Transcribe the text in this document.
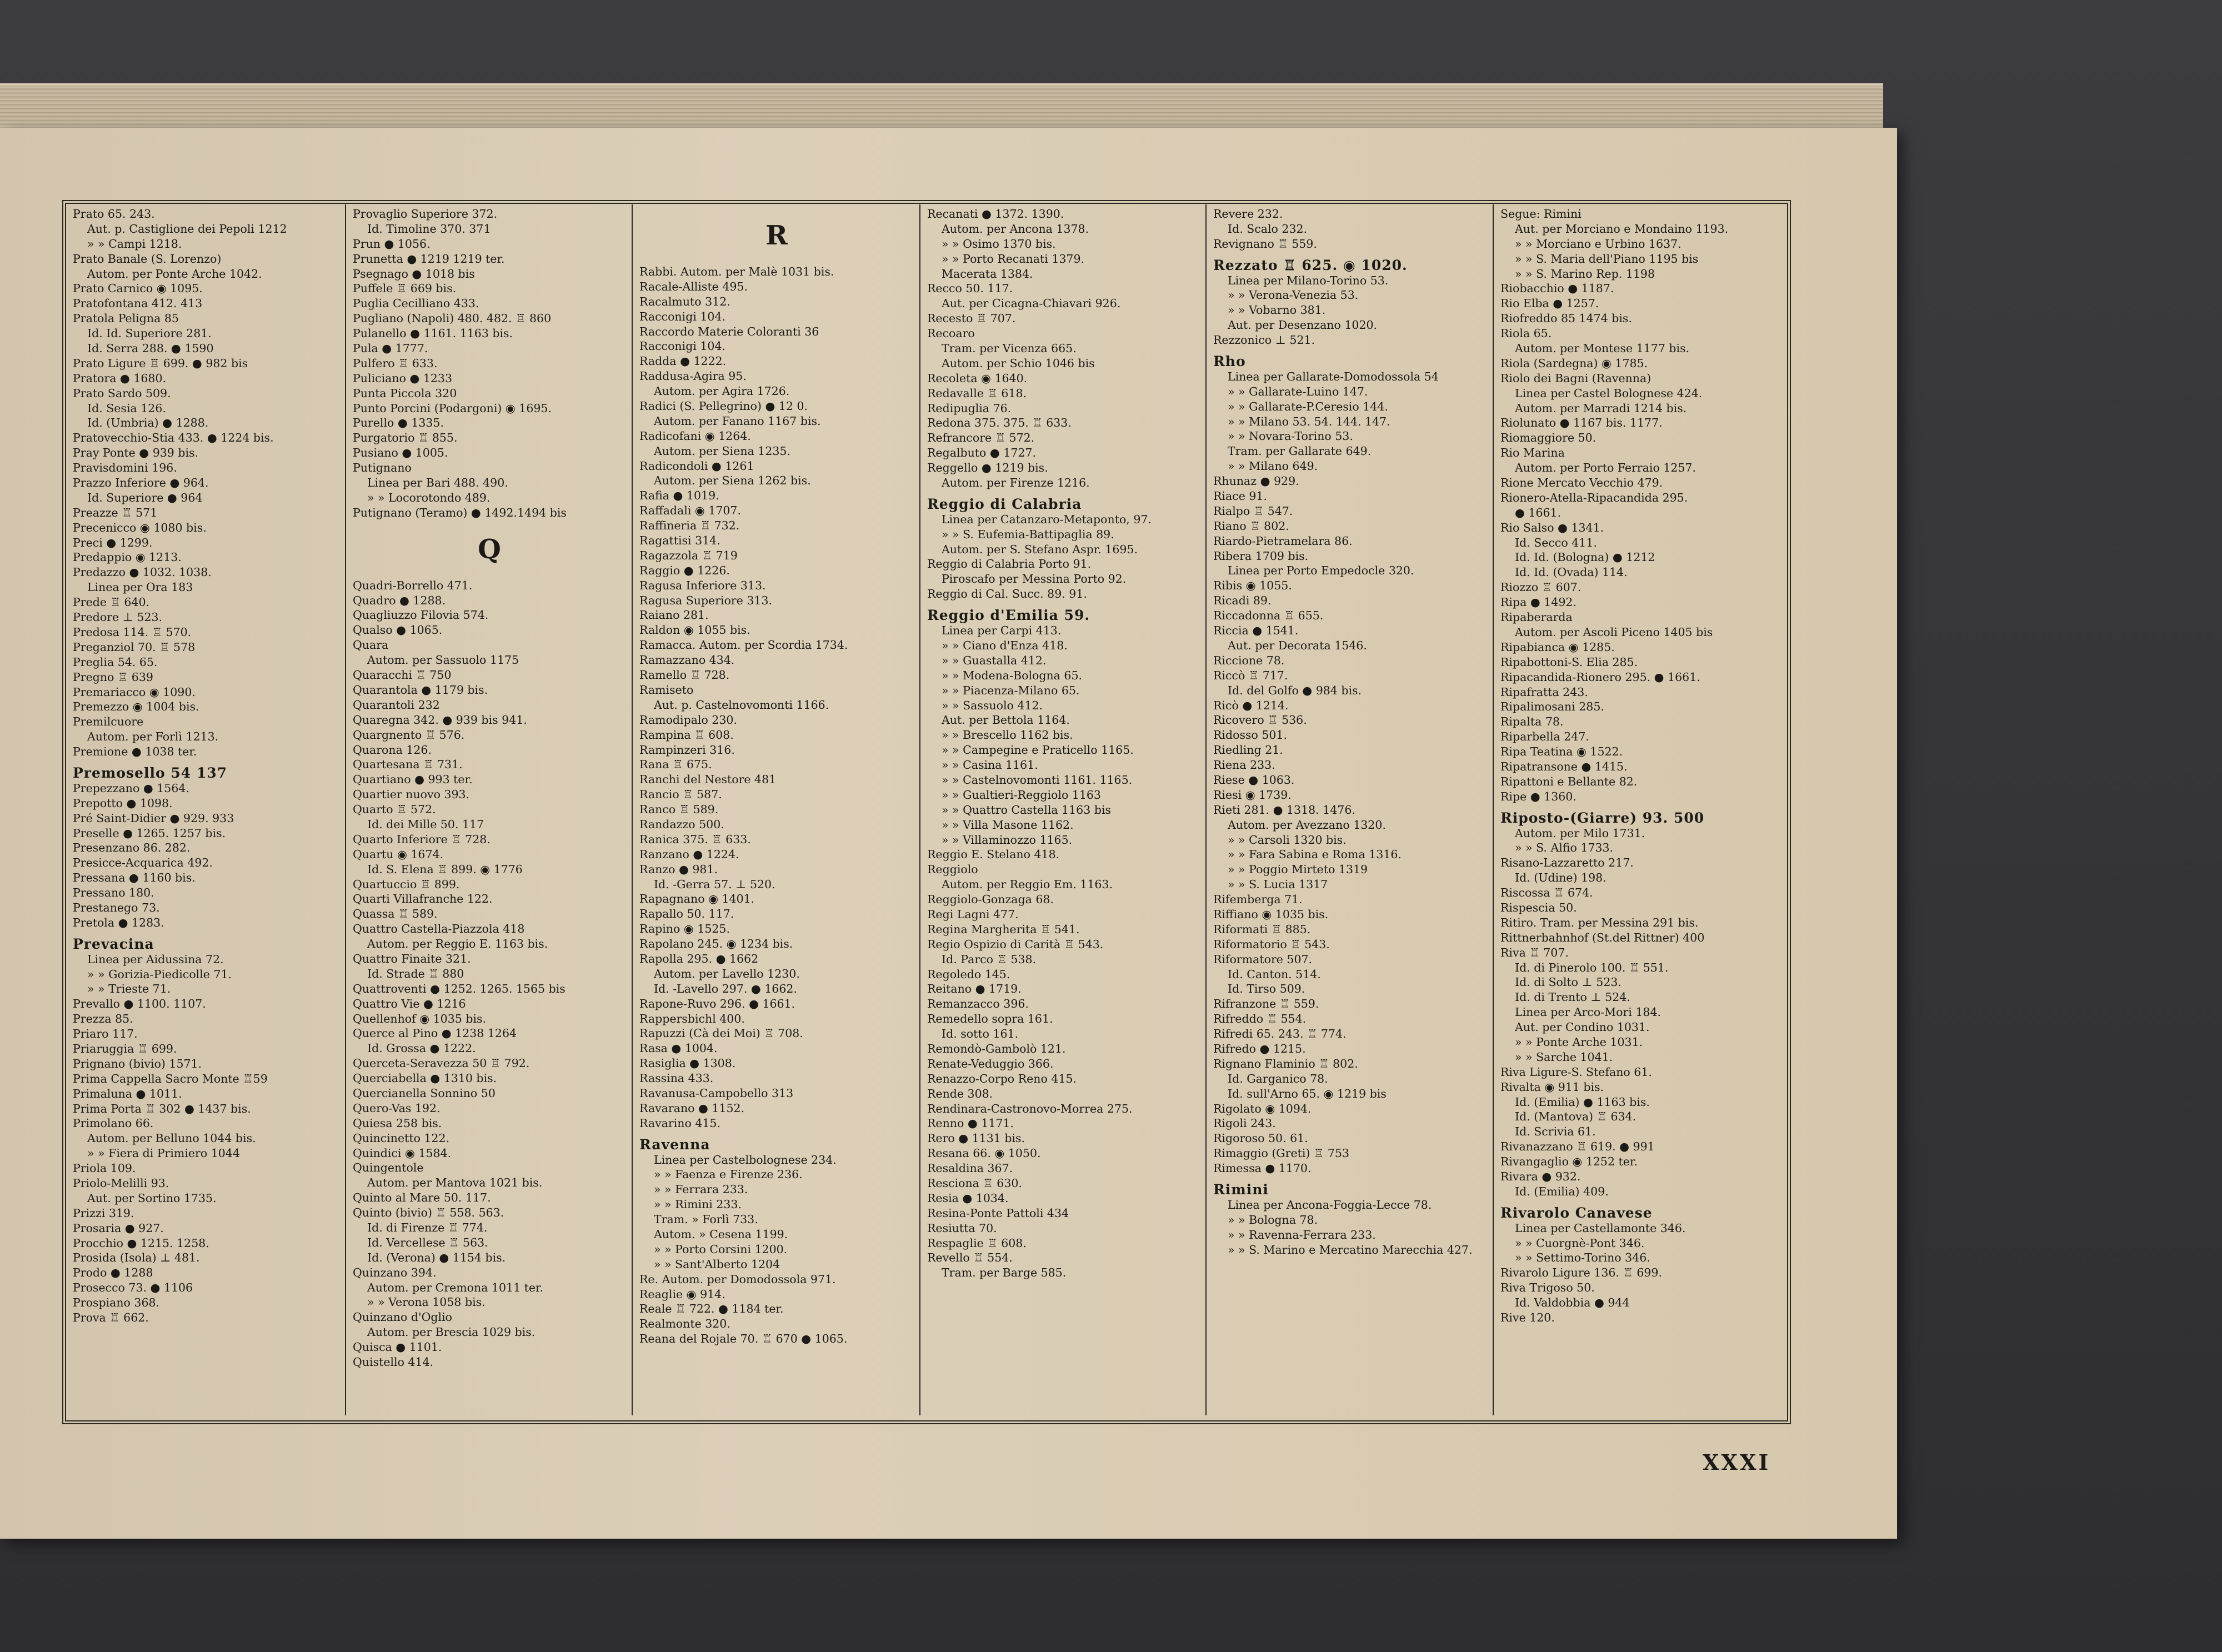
Prato 65. 243.
Aut. p. Castiglione dei Pepoli 1212
» » Campi 1218.
Prato Banale (S. Lorenzo)
Autom. per Ponte Arche 1042.
Prato Carnico ◉ 1095.
Pratofontana 412. 413
Pratola Peligna 85
Id. Id. Superiore 281.
Id. Serra 288. ● 1590
Prato Ligure ♖ 699. ● 982 bis
Pratora ● 1680.
Prato Sardo 509.
Id. Sesia 126.
Id. (Umbria) ● 1288.
Pratovecchio-Stia 433. ● 1224 bis.
Pray Ponte ● 939 bis.
Pravisdomini 196.
Prazzo Inferiore ● 964.
Id. Superiore ● 964
Preazze ♖ 571
Precenicco ◉ 1080 bis.
Preci ● 1299.
Predappio ◉ 1213.
Predazzo ● 1032. 1038.
Linea per Ora 183
Prede ♖ 640.
Predore ⊥ 523.
Predosa 114. ♖ 570.
Preganziol 70. ♖ 578
Preglia 54. 65.
Pregno ♖ 639
Premariacco ◉ 1090.
Premezzo ◉ 1004 bis.
Premilcuore
Autom. per Forlì 1213.
Premione ● 1038 ter.
Premosello 54 137
Prepezzano ● 1564.
Prepotto ● 1098.
Pré Saint-Didier ● 929. 933
Preselle ● 1265. 1257 bis.
Presenzano 86. 282.
Presicce-Acquarica 492.
Pressana ● 1160 bis.
Pressano 180.
Prestanego 73.
Pretola ● 1283.
Prevacina
Linea per Aidussina 72.
» » Gorizia-Piedicolle 71.
» » Trieste 71.
Prevallo ● 1100. 1107.
Prezza 85.
Priaro 117.
Priaruggia ♖ 699.
Prignano (bivio) 1571.
Prima Cappella Sacro Monte ♖59
Primaluna ● 1011.
Prima Porta ♖ 302 ● 1437 bis.
Primolano 66.
Autom. per Belluno 1044 bis.
» » Fiera di Primiero 1044
Priola 109.
Priolo-Melilli 93.
Aut. per Sortino 1735.
Prizzi 319.
Prosaria ● 927.
Procchio ● 1215. 1258.
Prosida (Isola) ⊥ 481.
Prodo ● 1288
Prosecco 73. ● 1106
Prospiano 368.
Prova ♖ 662.
Provaglio Superiore 372.
Id. Timoline 370. 371
Prun ● 1056.
Prunetta ● 1219 1219 ter.
Psegnago ● 1018 bis
Puffele ♖ 669 bis.
Puglia Cecilliano 433.
Pugliano (Napoli) 480. 482. ♖ 860
Pulanello ● 1161. 1163 bis.
Pula ● 1777.
Pulfero ♖ 633.
Puliciano ● 1233
Punta Piccola 320
Punto Porcini (Podargoni) ◉ 1695.
Purello ● 1335.
Purgatorio ♖ 855.
Pusiano ● 1005.
Putignano
Linea per Bari 488. 490.
» » Locorotondo 489.
Putignano (Teramo) ● 1492.1494 bis
Q
Quadri-Borrello 471.
Quadro ● 1288.
Quagliuzzo Filovia 574.
Qualso ● 1065.
Quara
Autom. per Sassuolo 1175
Quaracchi ♖ 750
Quarantola ● 1179 bis.
Quarantoli 232
Quaregna 342. ● 939 bis 941.
Quargnento ♖ 576.
Quarona 126.
Quartesana ♖ 731.
Quartiano ● 993 ter.
Quartier nuovo 393.
Quarto ♖ 572.
Id. dei Mille 50. 117
Quarto Inferiore ♖ 728.
Quartu ◉ 1674.
Id. S. Elena ♖ 899. ◉ 1776
Quartuccio ♖ 899.
Quarti Villafranche 122.
Quassa ♖ 589.
Quattro Castella-Piazzola 418
Autom. per Reggio E. 1163 bis.
Quattro Finaite 321.
Id. Strade ♖ 880
Quattroventi ● 1252. 1265. 1565 bis
Quattro Vie ● 1216
Quellenhof ◉ 1035 bis.
Querce al Pino ● 1238 1264
Id. Grossa ● 1222.
Querceta-Seravezza 50 ♖ 792.
Querciabella ● 1310 bis.
Quercianella Sonnino 50
Quero-Vas 192.
Quiesa 258 bis.
Quincinetto 122.
Quindici ◉ 1584.
Quingentole
Autom. per Mantova 1021 bis.
Quinto al Mare 50. 117.
Quinto (bivio) ♖ 558. 563.
Id. di Firenze ♖ 774.
Id. Vercellese ♖ 563.
Id. (Verona) ● 1154 bis.
Quinzano 394.
Autom. per Cremona 1011 ter.
» » Verona 1058 bis.
Quinzano d'Oglio
Autom. per Brescia 1029 bis.
Quisca ● 1101.
Quistello 414.
R
Rabbi. Autom. per Malè 1031 bis.
Racale-Alliste 495.
Racalmuto 312.
Racconigi 104.
Raccordo Materie Coloranti 36
Racconigi 104.
Radda ● 1222.
Raddusa-Agira 95.
Autom. per Agira 1726.
Radici (S. Pellegrino) ● 12 0.
Autom. per Fanano 1167 bis.
Radicofani ◉ 1264.
Autom. per Siena 1235.
Radicondoli ● 1261
Autom. per Siena 1262 bis.
Rafia ● 1019.
Raffadali ◉ 1707.
Raffineria ♖ 732.
Ragattisi 314.
Ragazzola ♖ 719
Raggio ● 1226.
Ragusa Inferiore 313.
Ragusa Superiore 313.
Raiano 281.
Raldon ◉ 1055 bis.
Ramacca. Autom. per Scordia 1734.
Ramazzano 434.
Ramello ♖ 728.
Ramiseto
Aut. p. Castelnovomonti 1166.
Ramodipalo 230.
Rampina ♖ 608.
Rampinzeri 316.
Rana ♖ 675.
Ranchi del Nestore 481
Rancio ♖ 587.
Ranco ♖ 589.
Randazzo 500.
Ranica 375. ♖ 633.
Ranzano ● 1224.
Ranzo ● 981.
Id. -Gerra 57. ⊥ 520.
Rapagnano ◉ 1401.
Rapallo 50. 117.
Rapino ◉ 1525.
Rapolano 245. ◉ 1234 bis.
Rapolla 295. ● 1662
Autom. per Lavello 1230.
Id. -Lavello 297. ● 1662.
Rapone-Ruvo 296. ● 1661.
Rappersbichl 400.
Rapuzzi (Cà dei Moi) ♖ 708.
Rasa ● 1004.
Rasiglia ● 1308.
Rassina 433.
Ravanusa-Campobello 313
Ravarano ● 1152.
Ravarino 415.
Ravenna
Linea per Castelbolognese 234.
» » Faenza e Firenze 236.
» » Ferrara 233.
» » Rimini 233.
Tram. » Forlì 733.
Autom. » Cesena 1199.
» » Porto Corsini 1200.
» » Sant'Alberto 1204
Re. Autom. per Domodossola 971.
Reaglie ◉ 914.
Reale ♖ 722. ● 1184 ter.
Realmonte 320.
Reana del Rojale 70. ♖ 670 ● 1065.
Recanati ● 1372. 1390.
Autom. per Ancona 1378.
» » Osimo 1370 bis.
» » Porto Recanati 1379.
Macerata 1384.
Recco 50. 117.
Aut. per Cicagna-Chiavari 926.
Recesto ♖ 707.
Recoaro
Tram. per Vicenza 665.
Autom. per Schio 1046 bis
Recoleta ◉ 1640.
Redavalle ♖ 618.
Redipuglia 76.
Redona 375. 375. ♖ 633.
Refrancore ♖ 572.
Regalbuto ● 1727.
Reggello ● 1219 bis.
Autom. per Firenze 1216.
Reggio di Calabria
Linea per Catanzaro-Metaponto, 97.
» » S. Eufemia-Battipaglia 89.
Autom. per S. Stefano Aspr. 1695.
Reggio di Calabria Porto 91.
Piroscafo per Messina Porto 92.
Reggio di Cal. Succ. 89. 91.
Reggio d'Emilia 59.
Linea per Carpi 413.
» » Ciano d'Enza 418.
» » Guastalla 412.
» » Modena-Bologna 65.
» » Piacenza-Milano 65.
» » Sassuolo 412.
Aut. per Bettola 1164.
» » Brescello 1162 bis.
» » Campegine e Praticello 1165.
» » Casina 1161.
» » Castelnovomonti 1161. 1165.
» » Gualtieri-Reggiolo 1163
» » Quattro Castella 1163 bis
» » Villa Masone 1162.
» » Villaminozzo 1165.
Reggio E. Stelano 418.
Reggiolo
Autom. per Reggio Em. 1163.
Reggiolo-Gonzaga 68.
Regi Lagni 477.
Regina Margherita ♖ 541.
Regio Ospizio di Carità ♖ 543.
Id. Parco ♖ 538.
Regoledo 145.
Reitano ● 1719.
Remanzacco 396.
Remedello sopra 161.
Id. sotto 161.
Remondò-Gambolò 121.
Renate-Veduggio 366.
Renazzo-Corpo Reno 415.
Rende 308.
Rendinara-Castronovo-Morrea 275.
Renno ● 1171.
Rero ● 1131 bis.
Resana 66. ◉ 1050.
Resaldina 367.
Resciona ♖ 630.
Resia ● 1034.
Resina-Ponte Pattoli 434
Resiutta 70.
Respaglie ♖ 608.
Revello ♖ 554.
Tram. per Barge 585.
Revere 232.
Id. Scalo 232.
Revignano ♖ 559.
Rezzato ♖ 625. ◉ 1020.
Linea per Milano-Torino 53.
» » Verona-Venezia 53.
» » Vobarno 381.
Aut. per Desenzano 1020.
Rezzonico ⊥ 521.
Rho
Linea per Gallarate-Domodossola 54
» » Gallarate-Luino 147.
» » Gallarate-P.Ceresio 144.
» » Milano 53. 54. 144. 147.
» » Novara-Torino 53.
Tram. per Gallarate 649.
» » Milano 649.
Rhunaz ● 929.
Riace 91.
Rialpo ♖ 547.
Riano ♖ 802.
Riardo-Pietramelara 86.
Ribera 1709 bis.
Linea per Porto Empedocle 320.
Ribis ◉ 1055.
Ricadi 89.
Riccadonna ♖ 655.
Riccia ● 1541.
Aut. per Decorata 1546.
Riccione 78.
Riccò ♖ 717.
Id. del Golfo ● 984 bis.
Ricò ● 1214.
Ricovero ♖ 536.
Ridosso 501.
Riedling 21.
Riena 233.
Riese ● 1063.
Riesi ◉ 1739.
Rieti 281. ● 1318. 1476.
Autom. per Avezzano 1320.
» » Carsoli 1320 bis.
» » Fara Sabina e Roma 1316.
» » Poggio Mirteto 1319
» » S. Lucia 1317
Rifemberga 71.
Riffiano ◉ 1035 bis.
Riformati ♖ 885.
Riformatorio ♖ 543.
Riformatore 507.
Id. Canton. 514.
Id. Tirso 509.
Rifranzone ♖ 559.
Rifreddo ♖ 554.
Rifredi 65. 243. ♖ 774.
Rifredo ● 1215.
Rignano Flaminio ♖ 802.
Id. Garganico 78.
Id. sull'Arno 65. ◉ 1219 bis
Rigolato ◉ 1094.
Rigoli 243.
Rigoroso 50. 61.
Rimaggio (Greti) ♖ 753
Rimessa ● 1170.
Rimini
Linea per Ancona-Foggia-Lecce 78.
» » Bologna 78.
» » Ravenna-Ferrara 233.
» » S. Marino e Mercatino Marecchia 427.
Segue: Rimini
Aut. per Morciano e Mondaino 1193.
» » Morciano e Urbino 1637.
» » S. Maria dell'Piano 1195 bis
» » S. Marino Rep. 1198
Riobacchio ● 1187.
Rio Elba ● 1257.
Riofreddo 85 1474 bis.
Riola 65.
Autom. per Montese 1177 bis.
Riola (Sardegna) ◉ 1785.
Riolo dei Bagni (Ravenna)
Linea per Castel Bolognese 424.
Autom. per Marradi 1214 bis.
Riolunato ● 1167 bis. 1177.
Riomaggiore 50.
Rio Marina
Autom. per Porto Ferraio 1257.
Rione Mercato Vecchio 479.
Rionero-Atella-Ripacandida 295.
● 1661.
Rio Salso ● 1341.
Id. Secco 411.
Id. Id. (Bologna) ● 1212
Id. Id. (Ovada) 114.
Riozzo ♖ 607.
Ripa ● 1492.
Ripaberarda
Autom. per Ascoli Piceno 1405 bis
Ripabianca ◉ 1285.
Ripabottoni-S. Elia 285.
Ripacandida-Rionero 295. ● 1661.
Ripafratta 243.
Ripalimosani 285.
Ripalta 78.
Riparbella 247.
Ripa Teatina ◉ 1522.
Ripatransone ● 1415.
Ripattoni e Bellante 82.
Ripe ● 1360.
Riposto-(Giarre) 93. 500
Autom. per Milo 1731.
» » S. Alfio 1733.
Risano-Lazzaretto 217.
Id. (Udine) 198.
Riscossa ♖ 674.
Rispescia 50.
Ritiro. Tram. per Messina 291 bis.
Rittnerbahnhof (St.del Rittner) 400
Riva ♖ 707.
Id. di Pinerolo 100. ♖ 551.
Id. di Solto ⊥ 523.
Id. di Trento ⊥ 524.
Linea per Arco-Mori 184.
Aut. per Condino 1031.
» » Ponte Arche 1031.
» » Sarche 1041.
Riva Ligure-S. Stefano 61.
Rivalta ◉ 911 bis.
Id. (Emilia) ● 1163 bis.
Id. (Mantova) ♖ 634.
Id. Scrivia 61.
Rivanazzano ♖ 619. ● 991
Rivangaglio ◉ 1252 ter.
Rivara ● 932.
Id. (Emilia) 409.
Rivarolo Canavese
Linea per Castellamonte 346.
» » Cuorgnè-Pont 346.
» » Settimo-Torino 346.
Rivarolo Ligure 136. ♖ 699.
Riva Trigoso 50.
Id. Valdobbia ● 944
Rive 120.
XXXI
